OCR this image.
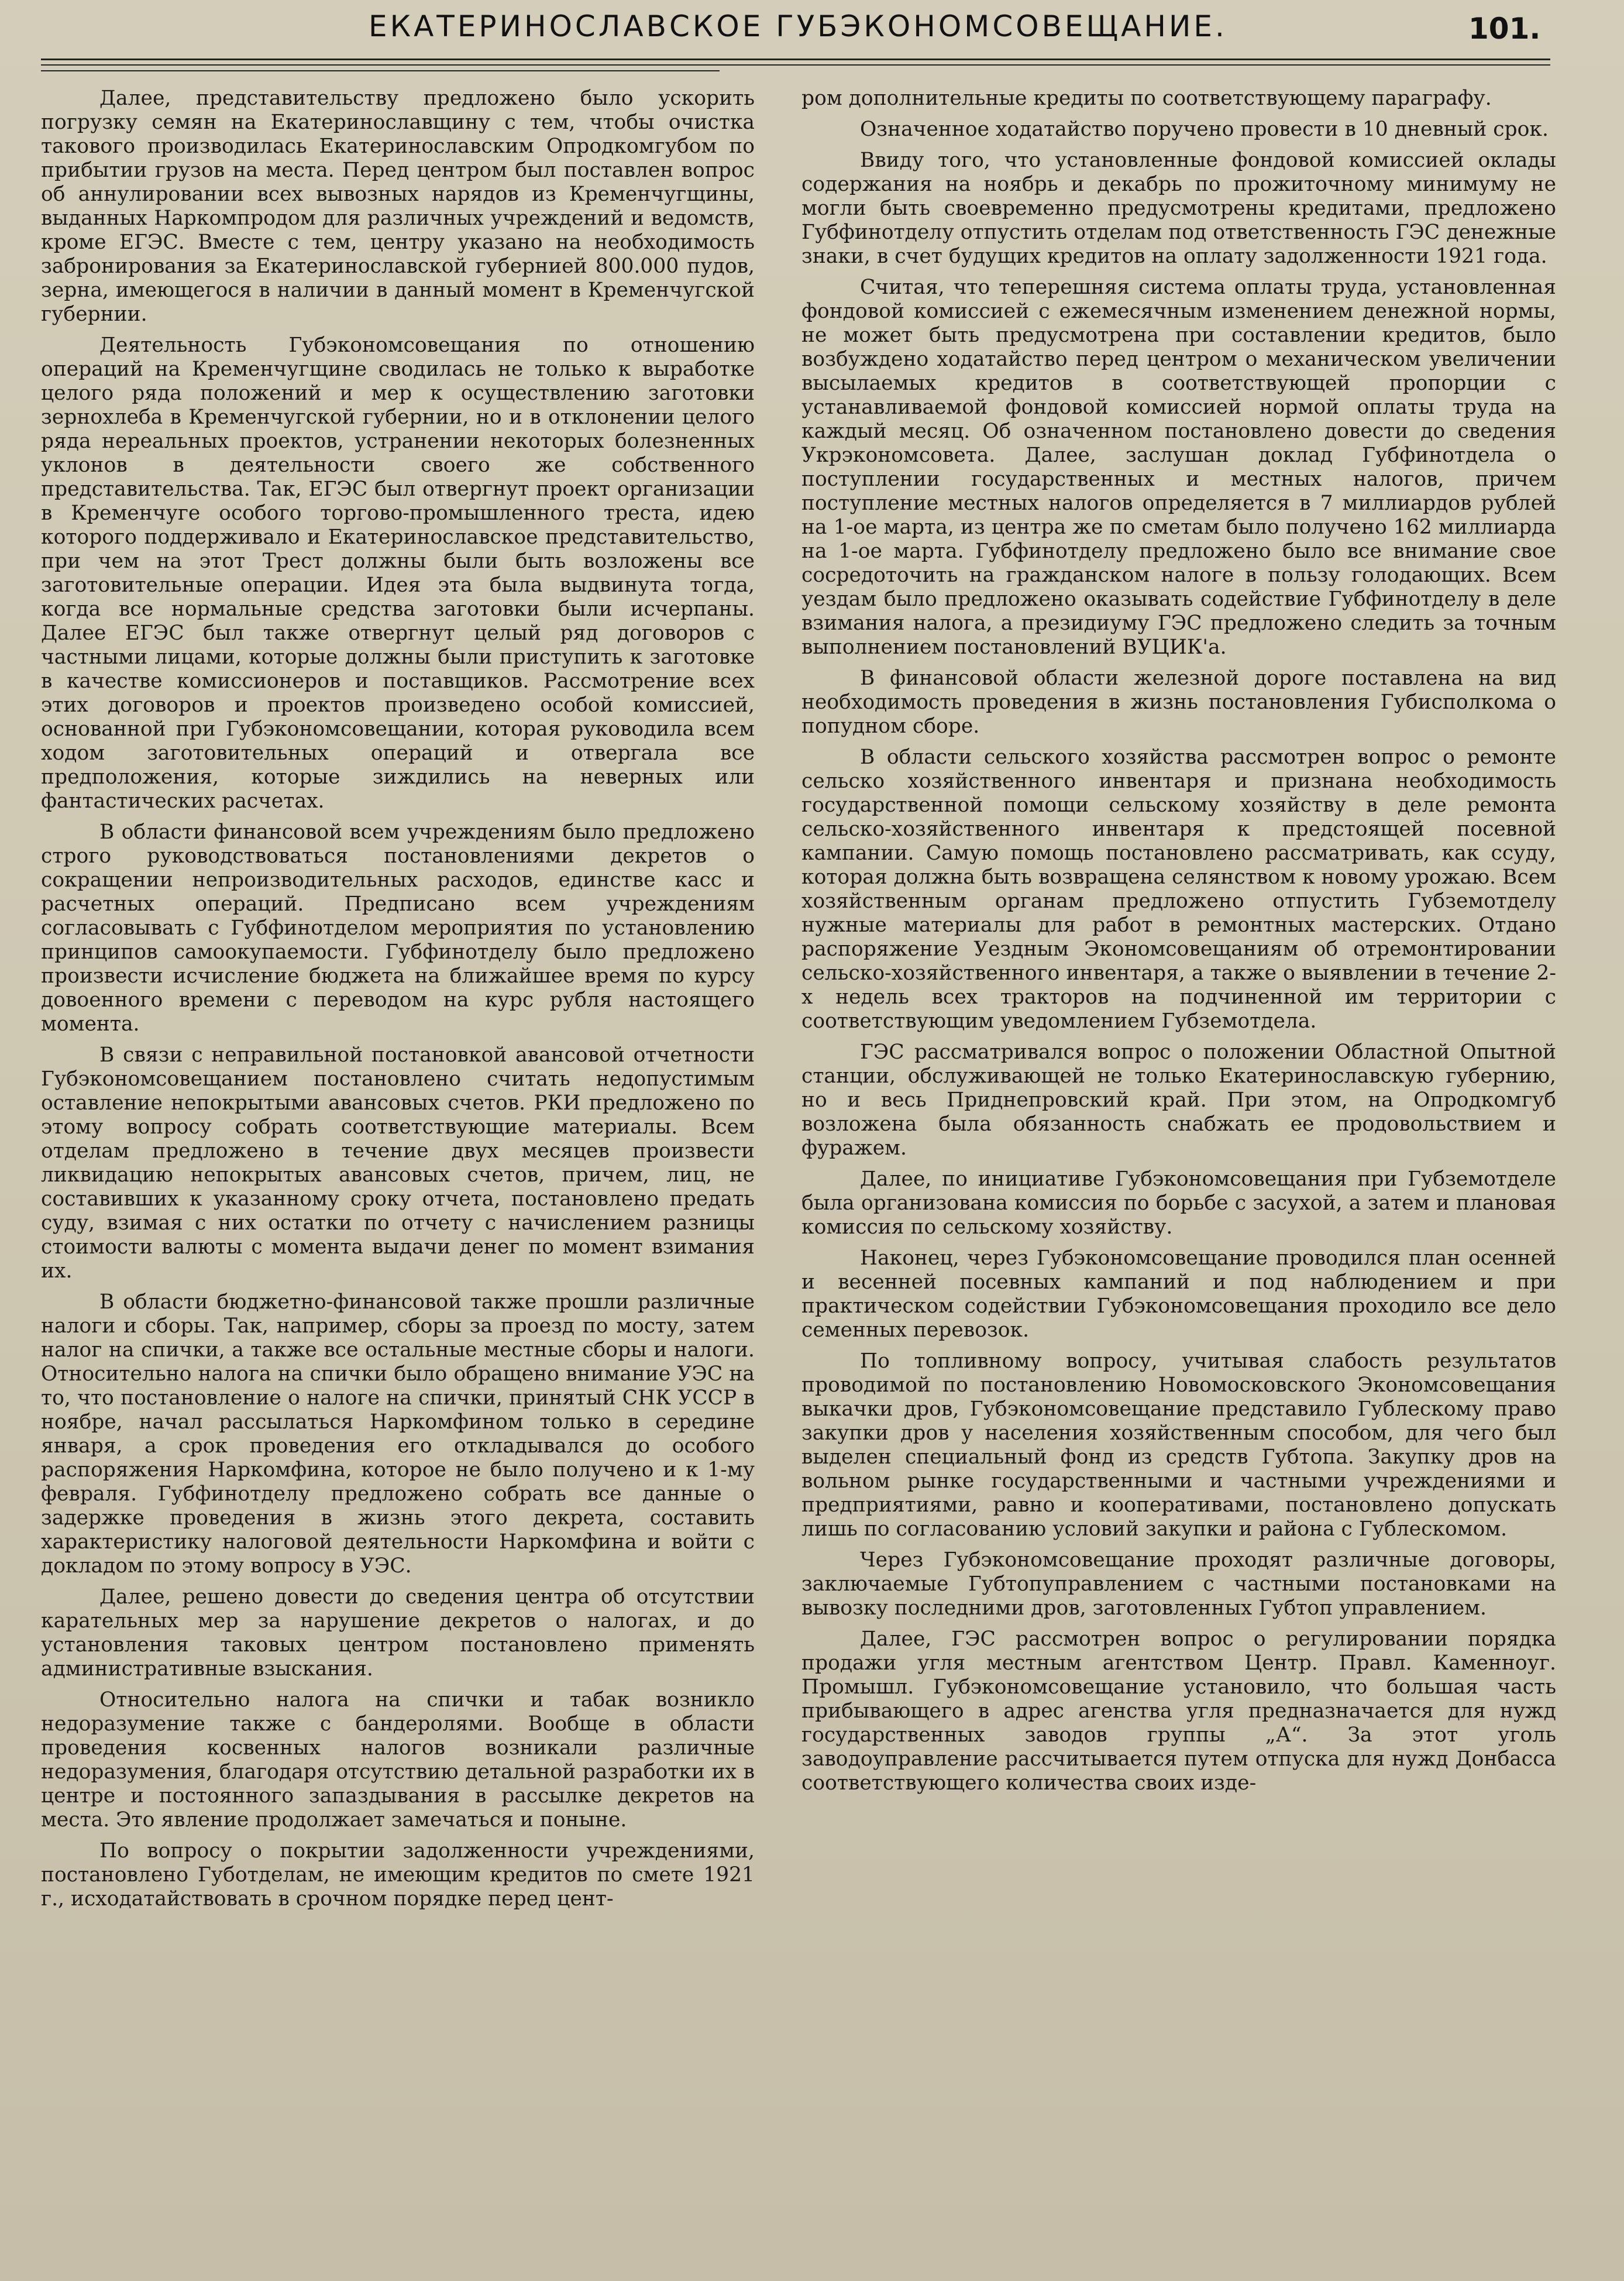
ЕКАТЕРИНОСЛАВСКОЕ ГУБЭКОНОМСОВЕЩАНИЕ.	101.

Далее, представительству предложено было ускорить погрузку семян на Екатеринославщину с тем, чтобы очистка такового производилась Екатеринославским Опродкомгубом по прибытии грузов на места. Перед центром был поставлен вопрос об аннулировании всех вывозных нарядов из Кременчугщины, выданных Наркомпродом для различных учреждений и ведомств, кроме ЕГЭС. Вместе с тем, центру указано на необходимость забронирования за Екатеринославской губернией 800.000 пудов, зерна, имеющегося в наличии в данный момент в Кременчугской губернии.

Деятельность Губэкономсовещания по отношению операций на Кременчугщине сводилась не только к выработке целого ряда положений и мер к осуществлению заготовки зернохлеба в Кременчугской губернии, но и в отклонении целого ряда нереальных проектов, устранении некоторых болезненных уклонов в деятельности своего же собственного представительства. Так, ЕГЭС был отвергнут проект организации в Кременчуге особого торгово-промышленного треста, идею которого поддерживало и Екатеринославское представительство, при чем на этот Трест должны были быть возложены все заготовительные операции. Идея эта была выдвинута тогда, когда все нормальные средства заготовки были исчерпаны. Далее ЕГЭС был также отвергнут целый ряд договоров с частными лицами, которые должны были приступить к заготовке в качестве комиссионеров и поставщиков. Рассмотрение всех этих договоров и проектов произведено особой комиссией, основанной при Губэкономсовещании, которая руководила всем ходом заготовительных операций и отвергала все предположения, которые зиждились на неверных или фантастических расчетах.

В области финансовой всем учреждениям было предложено строго руководствоваться постановлениями декретов о сокращении непроизводительных расходов, единстве касс и расчетных операций. Предписано всем учреждениям согласовывать с Губфинотделом мероприятия по установлению принципов самоокупаемости. Губфинотделу было предложено произвести исчисление бюджета на ближайшее время по курсу довоенного времени с переводом на курс рубля настоящего момента.

В связи с неправильной постановкой авансовой отчетности Губэкономсовещанием постановлено считать недопустимым оставление непокрытыми авансовых счетов. РКИ предложено по этому вопросу собрать соответствующие материалы. Всем отделам предложено в течение двух месяцев произвести ликвидацию непокрытых авансовых счетов, причем, лиц, не составивших к указанному сроку отчета, постановлено предать суду, взимая с них остатки по отчету с начислением разницы стоимости валюты с момента выдачи денег по момент взимания их.

В области бюджетно-финансовой также прошли различные налоги и сборы. Так, например, сборы за проезд по мосту, затем налог на спички, а также все остальные местные сборы и налоги. Относительно налога на спички было обращено внимание УЭС на то, что постановление о налоге на спички, принятый СНК УССР в ноябре, начал рассылаться Наркомфином только в середине января, а срок проведения его откладывался до особого распоряжения Наркомфина, которое не было получено и к 1-му февраля. Губфинотделу предложено собрать все данные о задержке проведения в жизнь этого декрета, составить характеристику налоговой деятельности Наркомфина и войти с докладом по этому вопросу в УЭС.

Далее, решено довести до сведения центра об отсутствии карательных мер за нарушение декретов о налогах, и до установления таковых центром постановлено применять административные взыскания.

Относительно налога на спички и табак возникло недоразумение также с бандеролями. Вообще в области проведения косвенных налогов возникали различные недоразумения, благодаря отсутствию детальной разработки их в центре и постоянного запаздывания в рассылке декретов на места. Это явление продолжает замечаться и поныне.

По вопросу о покрытии задолженности учреждениями, постановлено Губотделам, не имеющим кредитов по смете 1921 г., исходатайствовать в срочном порядке перед цент-

ром дополнительные кредиты по соответствующему параграфу.

Означенное ходатайство поручено провести в 10 дневный срок.

Ввиду того, что установленные фондовой комиссией оклады содержания на ноябрь и декабрь по прожиточному минимуму не могли быть своевременно предусмотрены кредитами, предложено Губфинотделу отпустить отделам под ответственность ГЭС денежные знаки, в счет будущих кредитов на оплату задолженности 1921 года.

Считая, что теперешняя система оплаты труда, установленная фондовой комиссией с ежемесячным изменением денежной нормы, не может быть предусмотрена при составлении кредитов, было возбуждено ходатайство перед центром о механическом увеличении высылаемых кредитов в соответствующей пропорции с устанавливаемой фондовой комиссией нормой оплаты труда на каждый месяц. Об означенном постановлено довести до сведения Укрэкономсовета. Далее, заслушан доклад Губфинотдела о поступлении государственных и местных налогов, причем поступление местных налогов определяется в 7 миллиардов рублей на 1-ое марта, из центра же по сметам было получено 162 миллиарда на 1-ое марта. Губфинотделу предложено было все внимание свое сосредоточить на гражданском налоге в пользу голодающих. Всем уездам было предложено оказывать содействие Губфинотделу в деле взимания налога, а президиуму ГЭС предложено следить за точным выполнением постановлений ВУЦИК'а.

В финансовой области железной дороге поставлена на вид необходимость проведения в жизнь постановления Губисполкома о попудном сборе.

В области сельского хозяйства рассмотрен вопрос о ремонте сельско хозяйственного инвентаря и признана необходимость государственной помощи сельскому хозяйству в деле ремонта сельско-хозяйственного инвентаря к предстоящей посевной кампании. Самую помощь постановлено рассматривать, как ссуду, которая должна быть возвращена селянством к новому урожаю. Всем хозяйственным органам предложено отпустить Губземотделу нужные материалы для работ в ремонтных мастерских. Отдано распоряжение Уездным Экономсовещаниям об отремонтировании сельско-хозяйственного инвентаря, а также о выявлении в течение 2-х недель всех тракторов на подчиненной им территории с соответствующим уведомлением Губземотдела.

ГЭС рассматривался вопрос о положении Областной Опытной станции, обслуживающей не только Екатеринославскую губернию, но и весь Приднепровский край. При этом, на Опродкомгуб возложена была обязанность снабжать ее продовольствием и фуражем.

Далее, по инициативе Губэкономсовещания при Губземотделе была организована комиссия по борьбе с засухой, а затем и плановая комиссия по сельскому хозяйству.

Наконец, через Губэкономсовещание проводился план осенней и весенней посевных кампаний и под наблюдением и при практическом содействии Губэкономсовещания проходило все дело семенных перевозок.

По топливному вопросу, учитывая слабость результатов проводимой по постановлению Новомосковского Экономсовещания выкачки дров, Губэкономсовещание представило Гублескому право закупки дров у населения хозяйственным способом, для чего был выделен специальный фонд из средств Губтопа. Закупку дров на вольном рынке государственными и частными учреждениями и предприятиями, равно и кооперативами, постановлено допускать лишь по согласованию условий закупки и района с Гублескомом.

Через Губэкономсовещание проходят различные договоры, заключаемые Губтопуправлением с частными постановками на вывозку последними дров, заготовленных Губтоп управлением.

Далее, ГЭС рассмотрен вопрос о регулировании порядка продажи угля местным агентством Центр. Правл. Каменноуг. Промышл. Губэкономсовещание установило, что большая часть прибывающего в адрес агенства угля предназначается для нужд государственных заводов группы „А“. За этот уголь заводоуправление рассчитывается путем отпуска для нужд Донбасса соответствующего количества своих изде-
